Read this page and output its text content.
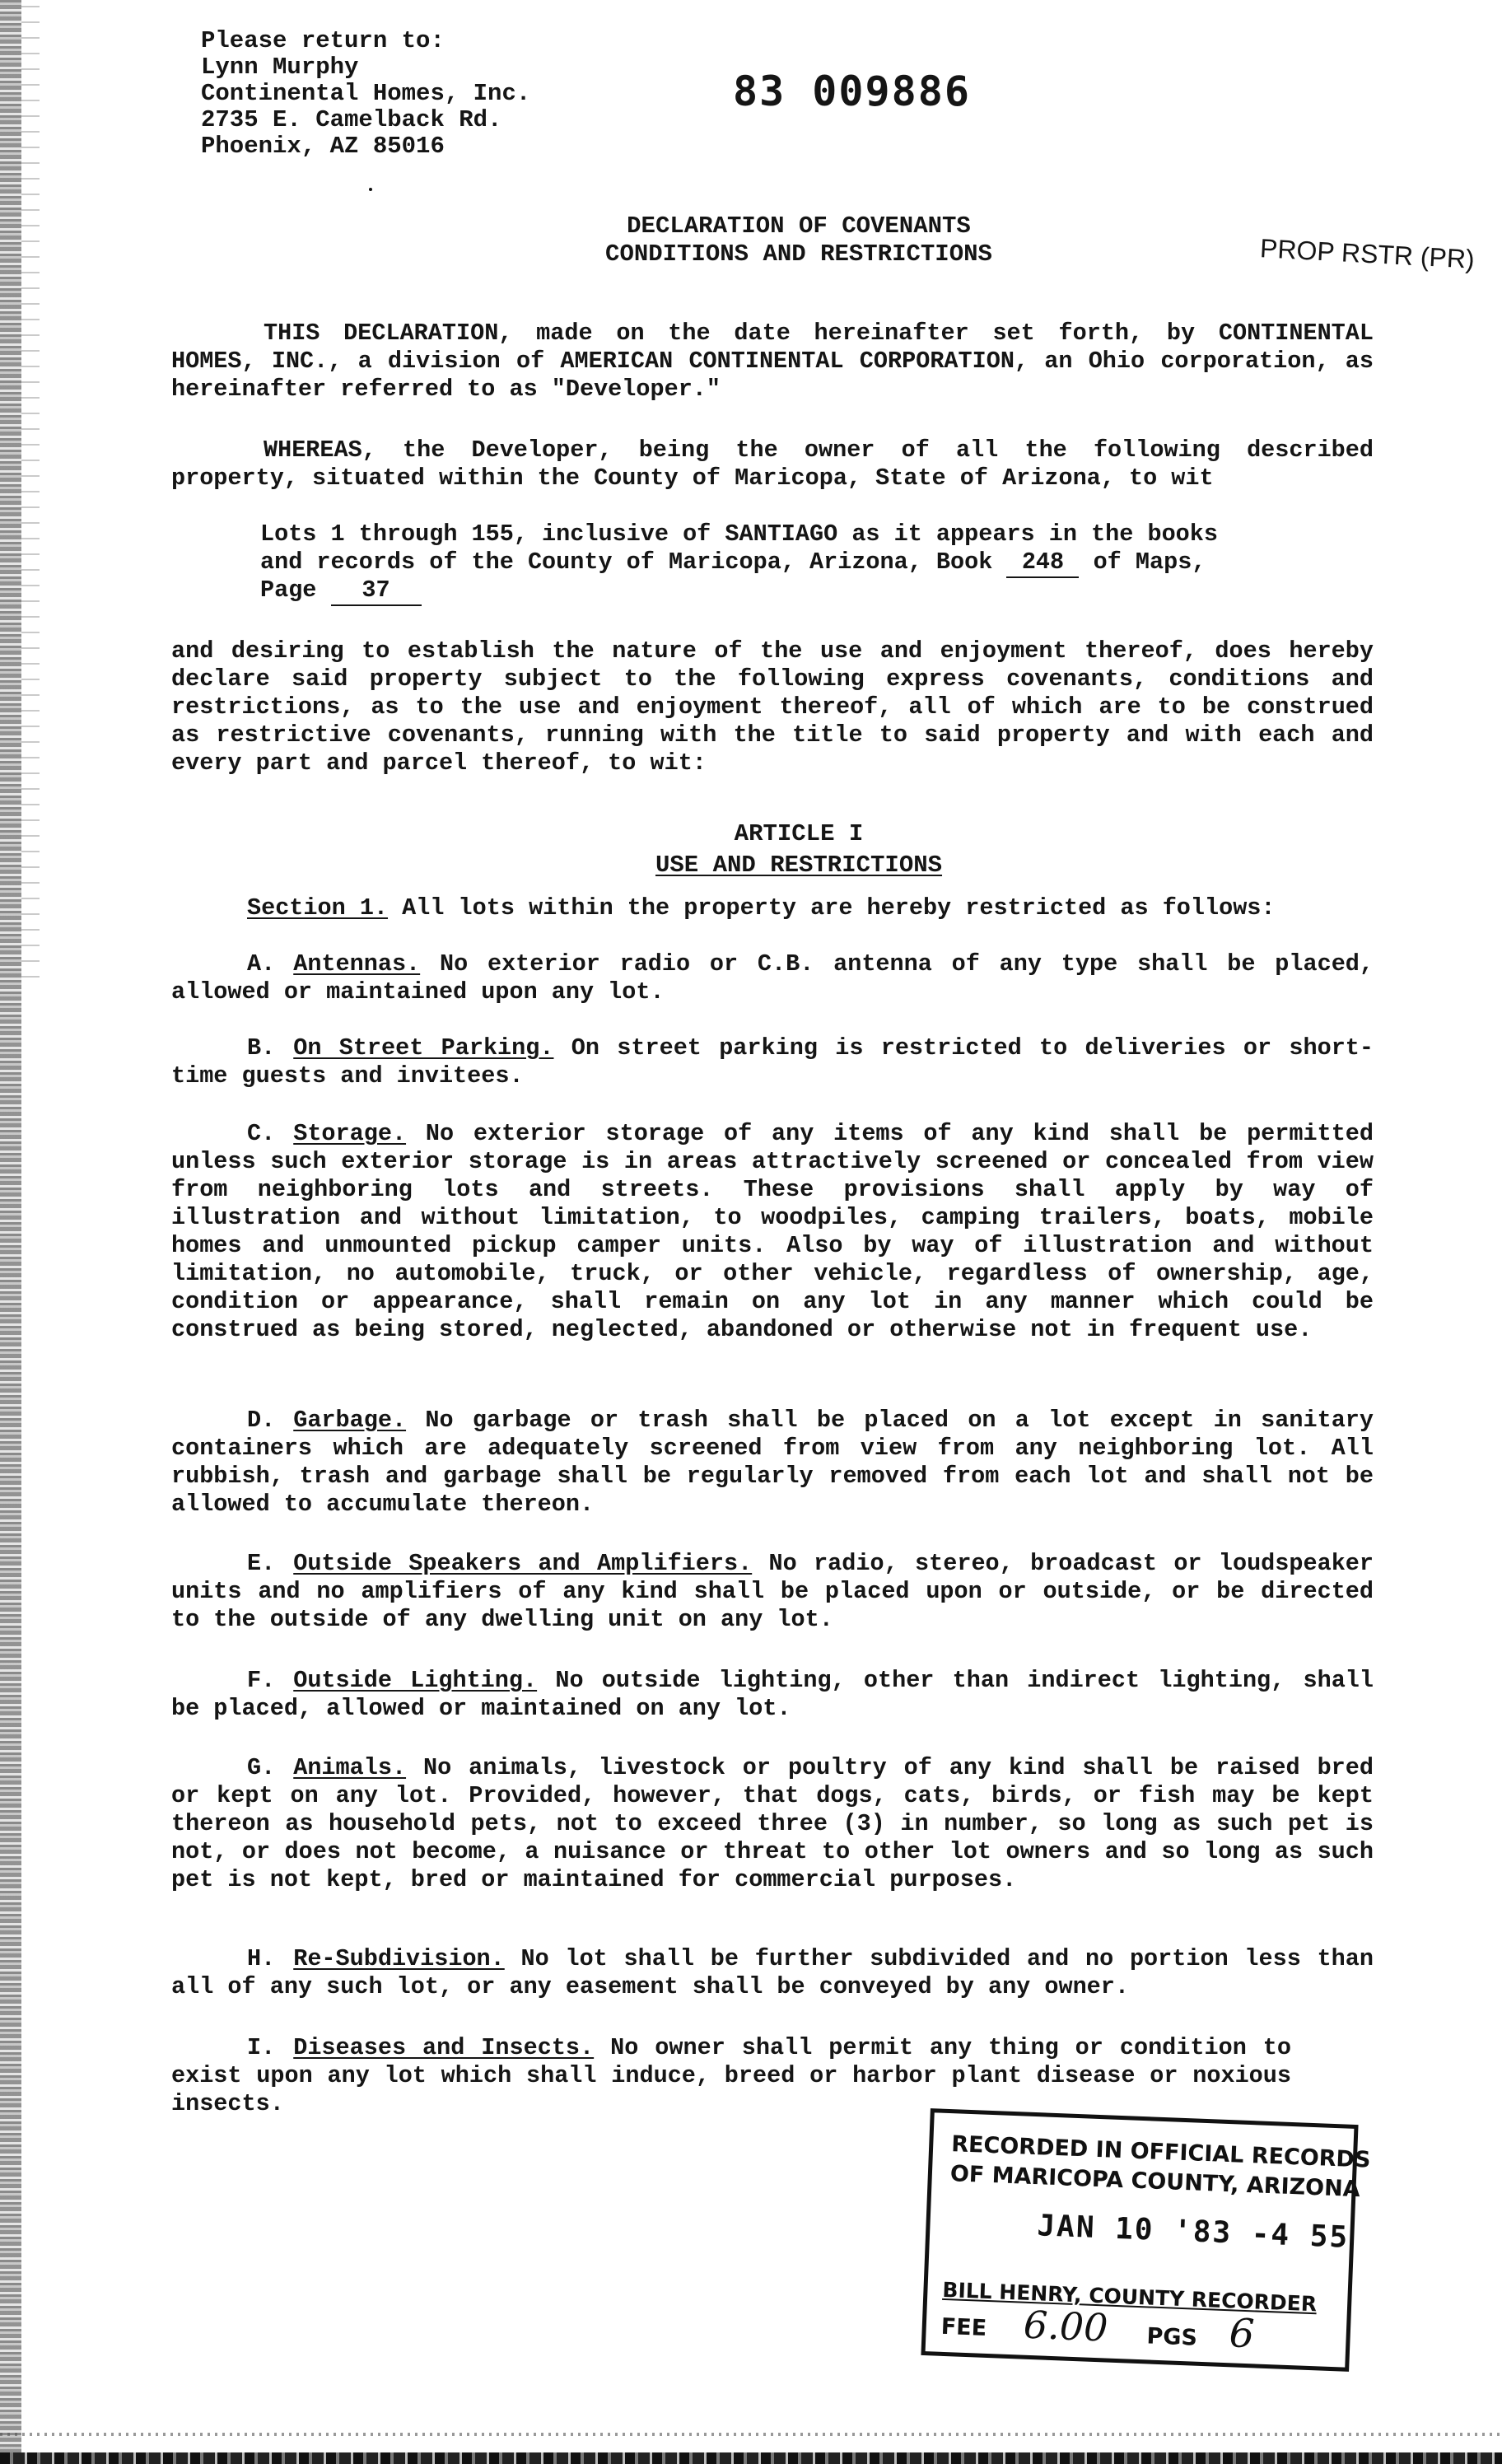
Please return to:
Lynn Murphy
Continental Homes, Inc.
2735 E. Camelback Rd.
Phoenix, AZ 85016
83 009886
DECLARATION OF COVENANTS
CONDITIONS AND RESTRICTIONS	PROP RSTR (PR)
THIS DECLARATION, made on the date hereinafter set forth, by CONTINENTAL HOMES, INC., a division of AMERICAN CONTINENTAL CORPORATION, an Ohio corporation, as hereinafter referred to as "Developer."
WHEREAS, the Developer, being the owner of all the following described property, situated within the County of Maricopa, State of Arizona, to wit
Lots 1 through 155, inclusive of SANTIAGO as it appears in the books
and records of the County of Maricopa, Arizona, Book 248 of Maps,
Page 37
and desiring to establish the nature of the use and enjoyment thereof, does hereby declare said property subject to the following express covenants, conditions and restrictions, as to the use and enjoyment thereof, all of which are to be construed as restrictive covenants, running with the title to said property and with each and every part and parcel thereof, to wit:
ARTICLE I
USE AND RESTRICTIONS
Section 1. All lots within the property are hereby restricted as follows:
A. Antennas. No exterior radio or C.B. antenna of any type shall be placed, allowed or maintained upon any lot.
B. On Street Parking. On street parking is restricted to deliveries or short-time guests and invitees.
C. Storage. No exterior storage of any items of any kind shall be permitted unless such exterior storage is in areas attractively screened or concealed from view from neighboring lots and streets. These provisions shall apply by way of illustration and without limitation, to woodpiles, camping trailers, boats, mobile homes and unmounted pickup camper units. Also by way of illustration and without limitation, no automobile, truck, or other vehicle, regardless of ownership, age, condition or appearance, shall remain on any lot in any manner which could be construed as being stored, neglected, abandoned or otherwise not in frequent use.
D. Garbage. No garbage or trash shall be placed on a lot except in sanitary containers which are adequately screened from view from any neighboring lot. All rubbish, trash and garbage shall be regularly removed from each lot and shall not be allowed to accumulate thereon.
E. Outside Speakers and Amplifiers. No radio, stereo, broadcast or loudspeaker units and no amplifiers of any kind shall be placed upon or outside, or be directed to the outside of any dwelling unit on any lot.
F. Outside Lighting. No outside lighting, other than indirect lighting, shall be placed, allowed or maintained on any lot.
G. Animals. No animals, livestock or poultry of any kind shall be raised bred or kept on any lot. Provided, however, that dogs, cats, birds, or fish may be kept thereon as household pets, not to exceed three (3) in number, so long as such pet is not, or does not become, a nuisance or threat to other lot owners and so long as such pet is not kept, bred or maintained for commercial purposes.
H. Re-Subdivision. No lot shall be further subdivided and no portion less than all of any such lot, or any easement shall be conveyed by any owner.
I. Diseases and Insects. No owner shall permit any thing or condition to exist upon any lot which shall induce, breed or harbor plant disease or noxious insects.
RECORDED IN OFFICIAL RECORDS
OF MARICOPA COUNTY, ARIZONA
JAN 10 '83 -4 55
BILL HENRY, COUNTY RECORDER
FEE 6.00 PGS 6
